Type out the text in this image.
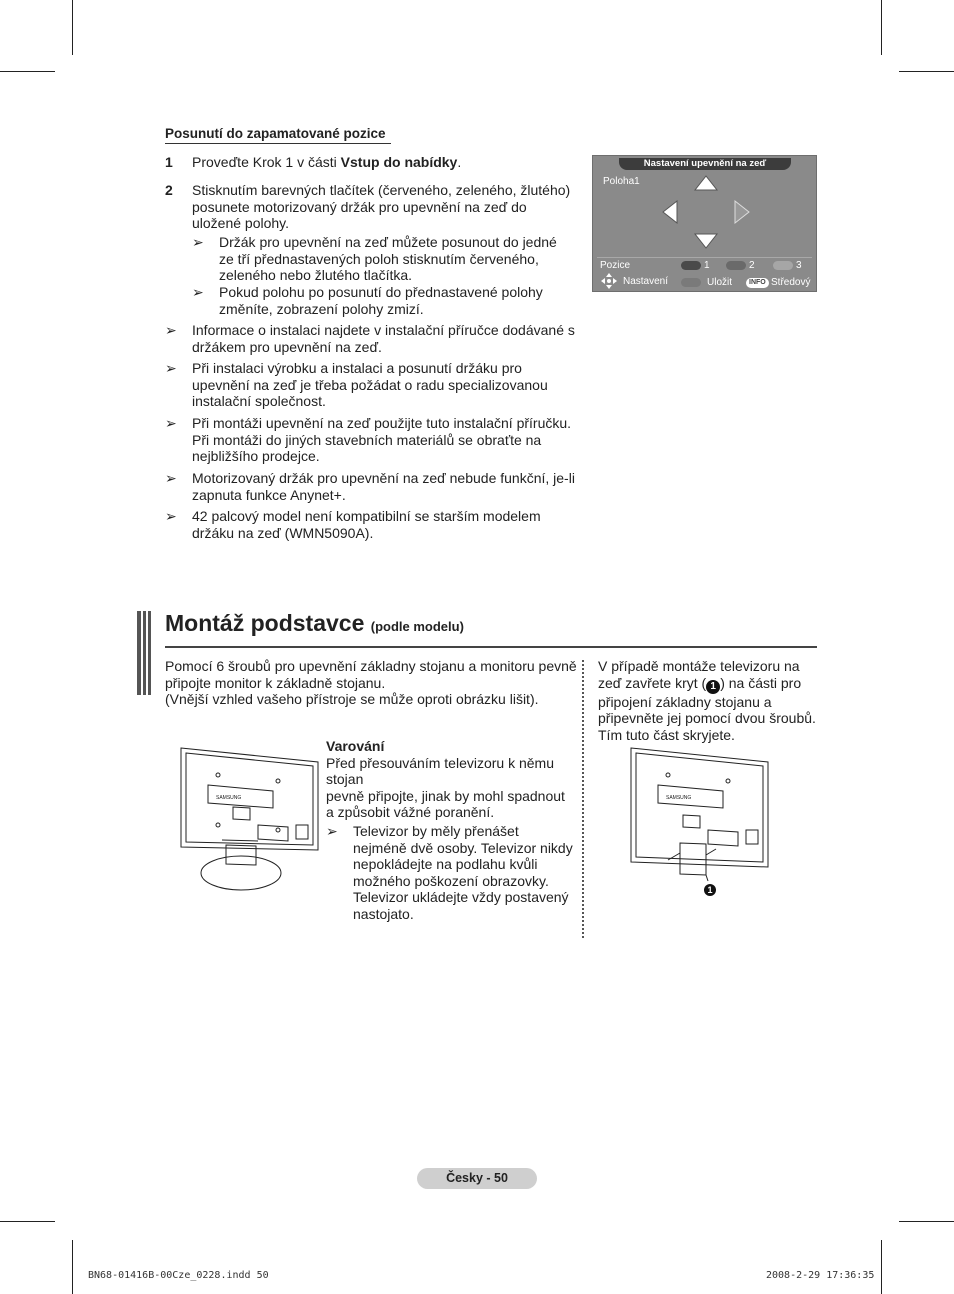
Posunutí do zapamatované pozice
1 Proveďte Krok 1 v části Vstup do nabídky.
2 Stisknutím barevných tlačítek (červeného, zeleného, žlutého) posunete motorizovaný držák pro upevnění na zeď do uložené polohy.
➢	Držák pro upevnění na zeď můžete posunout do jedné ze tří přednastavených poloh stisknutím červeného, zeleného nebo žlutého tlačítka.
➢	Pokud polohu po posunutí do přednastavené polohy změníte, zobrazení polohy zmizí.
➢	Informace o instalaci najdete v instalační příručce dodávané s držákem pro upevnění na zeď.
➢	Při instalaci výrobku a instalaci a posunutí držáku pro upevnění na zeď je třeba požádat o radu specializovanou instalační společnost.
➢	Při montáži upevnění na zeď použijte tuto instalační příručku. Při montáži do jiných stavebních materiálů se obraťte na nejbližšího prodejce.
➢	Motorizovaný držák pro upevnění na zeď nebude funkční, je-li zapnuta funkce Anynet+.
➢	42 palcový model není kompatibilní se starším modelem držáku na zeď (WMN5090A).
Nastavení upevnění na zeď
Poloha1
Pozice	1	2	3
Nastavení	Uložit	INFO Středový
Montáž podstavce (podle modelu)
Pomocí 6 šroubů pro upevnění základny stojanu a monitoru pevně připojte monitor k základně stojanu.
(Vnější vzhled vašeho přístroje se může oproti obrázku lišit).
V případě montáže televizoru na zeď zavřete kryt ( 1 ) na části pro připojení základny stojanu a připevněte jej pomocí dvou šroubů. Tím tuto část skryjete.
Varování
Před přesouváním televizoru k němu stojan
pevně připojte, jinak by mohl spadnout a způsobit vážné poranění.
➢	Televizor by měly přenášet nejméně dvě osoby. Televizor nikdy nepokládejte na podlahu kvůli možného poškození obrazovky. Televizor ukládejte vždy postavený nastojato.
SAMSUNG	SAMSUNG
1
Česky - 50
BN68-01416B-00Cze_0228.indd 50	2008-2-29 17:36:35
